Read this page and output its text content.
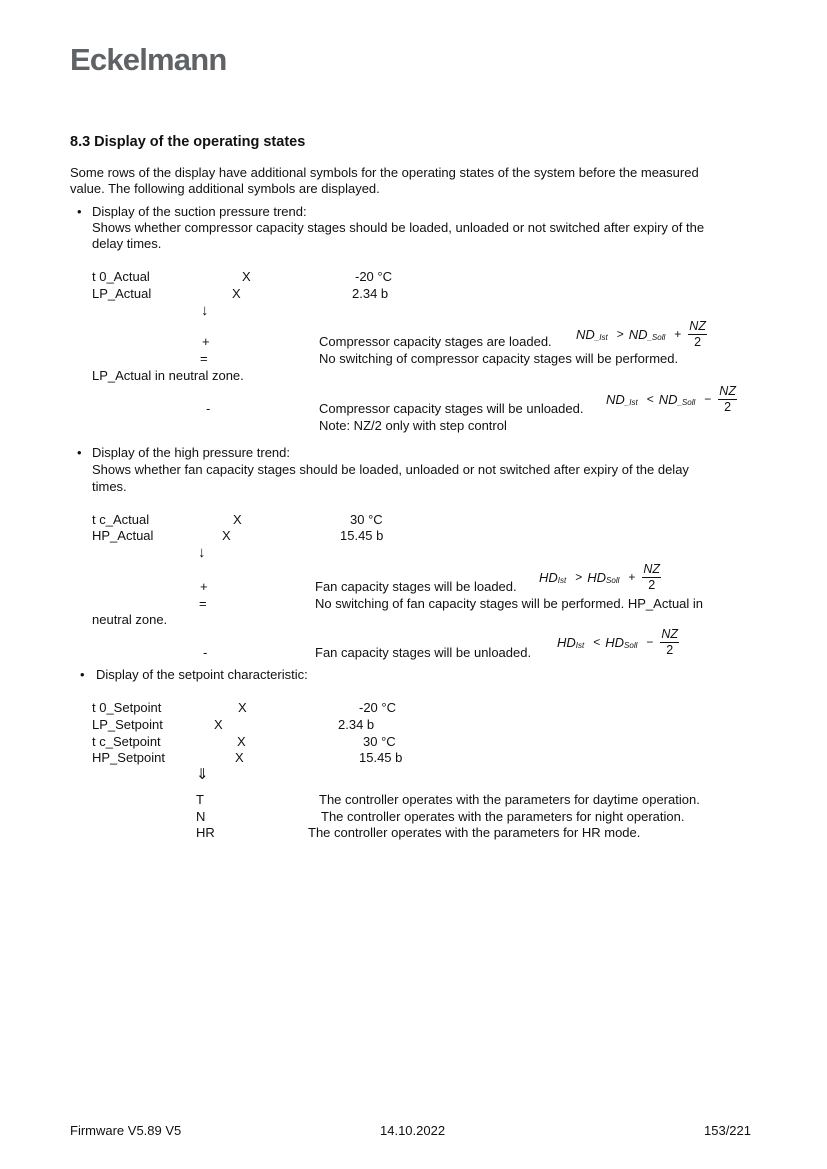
Eckelmann
8.3 Display of the operating states
Some rows of the display have additional symbols for the operating states of the system before the measured
value. The following additional symbols are displayed.
• Display of the suction pressure trend:
Shows whether compressor capacity stages should be loaded, unloaded or not switched after expiry of the
delay times.
t 0_Actual	X	-20 °C
LP_Actual	X	2.34 b
↓
+	Compressor capacity stages are loaded. ND _Ist > ND _Soll + $\frac{NZ}{2}$
=	No switching of compressor capacity stages will be performed.
LP_Actual in neutral zone.
-	Compressor capacity stages will be unloaded.
ND _Ist < ND _Soll − $\frac{NZ}{2}$
Note: NZ/2 only with step control
• Display of the high pressure trend:
Shows whether fan capacity stages should be loaded, unloaded or not switched after expiry of the delay
times.
t c_Actual	X	30 °C
HP_Actual	X	15.45 b
↓
+	Fan capacity stages will be loaded.
HD Ist > HD Soll + $\frac{NZ}{2}$
=	No switching of fan capacity stages will be performed. HP_Actual in
neutral zone.
-	Fan capacity stages will be unloaded.
HD Ist < HD Soll − $\frac{NZ}{2}$
• Display of the setpoint characteristic:
t 0_Setpoint	X	-20 °C
LP_Setpoint	X	2.34 b
t c_Setpoint	X	30 °C
HP_Setpoint	X	15.45 b
⇓
T	The controller operates with the parameters for daytime operation.
N	The controller operates with the parameters for night operation.
HR	The controller operates with the parameters for HR mode.
Firmware V5.89 V5	14.10.2022	153/221
